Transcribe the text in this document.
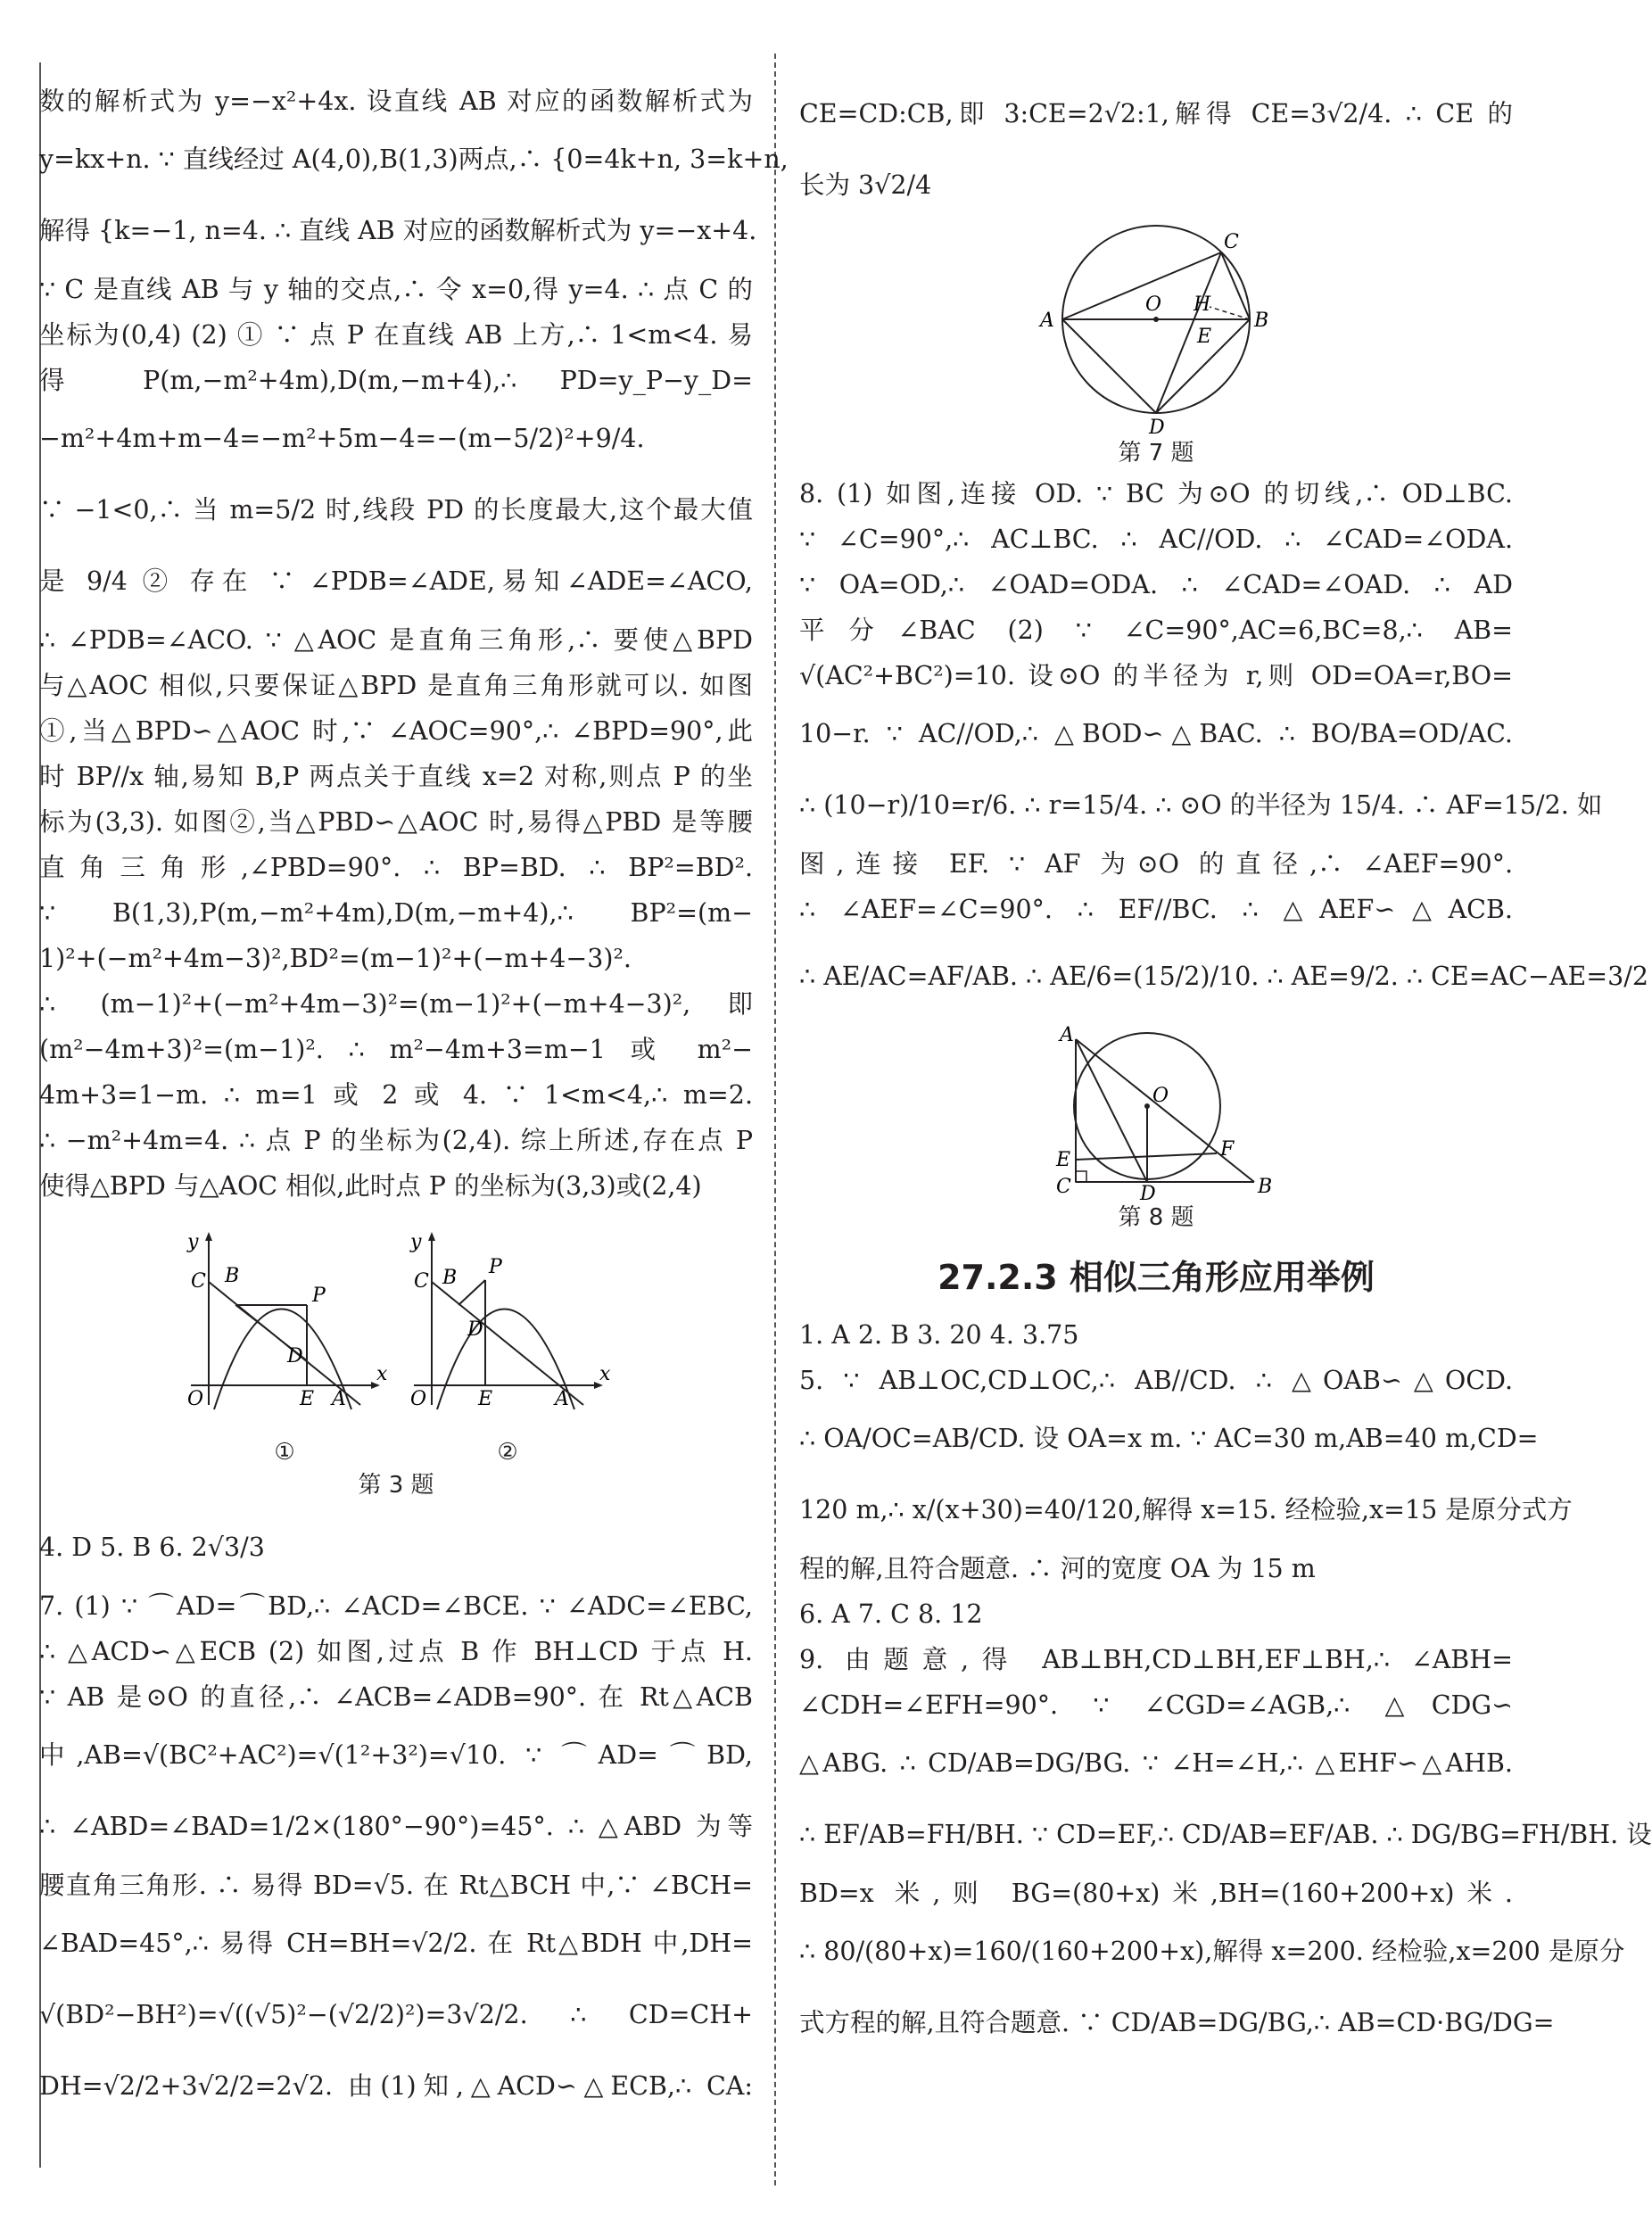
数的解析式为 y=−x²+4x. 设直线 AB 对应的函数解析式为
y=kx+n. ∵ 直线经过 A(4,0),B(1,3)两点,∴ {0=4k+n, 3=k+n,
解得 {k=−1, n=4. ∴ 直线 AB 对应的函数解析式为 y=−x+4.
∵ C 是直线 AB 与 y 轴的交点,∴ 令 x=0,得 y=4. ∴ 点 C 的
坐标为(0,4) (2) ① ∵ 点 P 在直线 AB 上方,∴ 1<m<4. 易
得 P(m,−m²+4m),D(m,−m+4),∴ PD=y_P−y_D=
−m²+4m+m−4=−m²+5m−4=−(m−5/2)²+9/4.
∵ −1<0,∴ 当 m=5/2 时,线段 PD 的长度最大,这个最大值
是 9/4 ② 存在 ∵ ∠PDB=∠ADE,易知∠ADE=∠ACO,
∴ ∠PDB=∠ACO. ∵ △AOC 是直角三角形,∴ 要使△BPD
与△AOC 相似,只要保证△BPD 是直角三角形就可以. 如图
①,当△BPD∽△AOC 时,∵ ∠AOC=90°,∴ ∠BPD=90°,此
时 BP//x 轴,易知 B,P 两点关于直线 x=2 对称,则点 P 的坐
标为(3,3). 如图②,当△PBD∽△AOC 时,易得△PBD 是等腰
直角三角形,∠PBD=90°. ∴ BP=BD. ∴ BP²=BD².
∵ B(1,3),P(m,−m²+4m),D(m,−m+4),∴ BP²=(m−
1)²+(−m²+4m−3)²,BD²=(m−1)²+(−m+4−3)².
∴ (m−1)²+(−m²+4m−3)²=(m−1)²+(−m+4−3)²,即
(m²−4m+3)²=(m−1)². ∴ m²−4m+3=m−1 或 m²−
4m+3=1−m. ∴ m=1 或 2 或 4. ∵ 1<m<4,∴ m=2.
∴ −m²+4m=4. ∴ 点 P 的坐标为(2,4). 综上所述,存在点 P
使得△BPD 与△AOC 相似,此时点 P 的坐标为(3,3)或(2,4)
y
x
O
C B
P
D
E A
①
y
x
O
C B P
D
E	A
②
第 3 题
4. D 5. B 6. 2√3/3
7. (1) ∵ ⌒AD=⌒BD,∴ ∠ACD=∠BCE. ∵ ∠ADC=∠EBC,
∴ △ACD∽△ECB (2) 如图,过点 B 作 BH⊥CD 于点 H.
∵ AB 是⊙O 的直径,∴ ∠ACB=∠ADB=90°. 在 Rt△ACB
中,AB=√(BC²+AC²)=√(1²+3²)=√10. ∵ ⌒AD=⌒BD,
∴ ∠ABD=∠BAD=1/2×(180°−90°)=45°. ∴ △ABD 为等
腰直角三角形. ∴ 易得 BD=√5. 在 Rt△BCH 中,∵ ∠BCH=
∠BAD=45°,∴ 易得 CH=BH=√2/2. 在 Rt△BDH 中,DH=
√(BD²−BH²)=√((√5)²−(√2/2)²)=3√2/2. ∴ CD=CH+
DH=√2/2+3√2/2=2√2. 由(1)知,△ACD∽△ECB,∴ CA:
CE=CD:CB,即 3:CE=2√2:1,解得 CE=3√2/4. ∴ CE 的
长为 3√2/4
A	B
C
D
O H
E
第 7 题
8. (1) 如图,连接 OD. ∵ BC 为⊙O 的切线,∴ OD⊥BC.
∵ ∠C=90°,∴ AC⊥BC. ∴ AC//OD. ∴ ∠CAD=∠ODA.
∵ OA=OD,∴ ∠OAD=ODA. ∴ ∠CAD=∠OAD. ∴ AD
平分∠BAC (2) ∵ ∠C=90°,AC=6,BC=8,∴ AB=
√(AC²+BC²)=10. 设⊙O 的半径为 r,则 OD=OA=r,BO=
10−r. ∵ AC//OD,∴ △BOD∽△BAC. ∴ BO/BA=OD/AC.
∴ (10−r)/10=r/6. ∴ r=15/4. ∴ ⊙O 的半径为 15/4. ∴ AF=15/2. 如
图,连接 EF. ∵ AF 为⊙O 的直径,∴ ∠AEF=90°.
∴ ∠AEF=∠C=90°. ∴ EF//BC. ∴ △AEF∽△ACB.
∴ AE/AC=AF/AB. ∴ AE/6=(15/2)/10. ∴ AE=9/2. ∴ CE=AC−AE=3/2
A
B
C	D
O
E	F
第 8 题
27.2.3 相似三角形应用举例
1. A 2. B 3. 20 4. 3.75
5. ∵ AB⊥OC,CD⊥OC,∴ AB//CD. ∴ △OAB∽△OCD.
∴ OA/OC=AB/CD. 设 OA=x m. ∵ AC=30 m,AB=40 m,CD=
120 m,∴ x/(x+30)=40/120,解得 x=15. 经检验,x=15 是原分式方
程的解,且符合题意. ∴ 河的宽度 OA 为 15 m
6. A 7. C 8. 12
9. 由题意,得 AB⊥BH,CD⊥BH,EF⊥BH,∴ ∠ABH=
∠CDH=∠EFH=90°. ∵ ∠CGD=∠AGB,∴ △CDG∽
△ABG. ∴ CD/AB=DG/BG. ∵ ∠H=∠H,∴ △EHF∽△AHB.
∴ EF/AB=FH/BH. ∵ CD=EF,∴ CD/AB=EF/AB. ∴ DG/BG=FH/BH. 设
BD=x 米,则 BG=(80+x)米,BH=(160+200+x)米.
∴ 80/(80+x)=160/(160+200+x),解得 x=200. 经检验,x=200 是原分
式方程的解,且符合题意. ∵ CD/AB=DG/BG,∴ AB=CD·BG/DG=
